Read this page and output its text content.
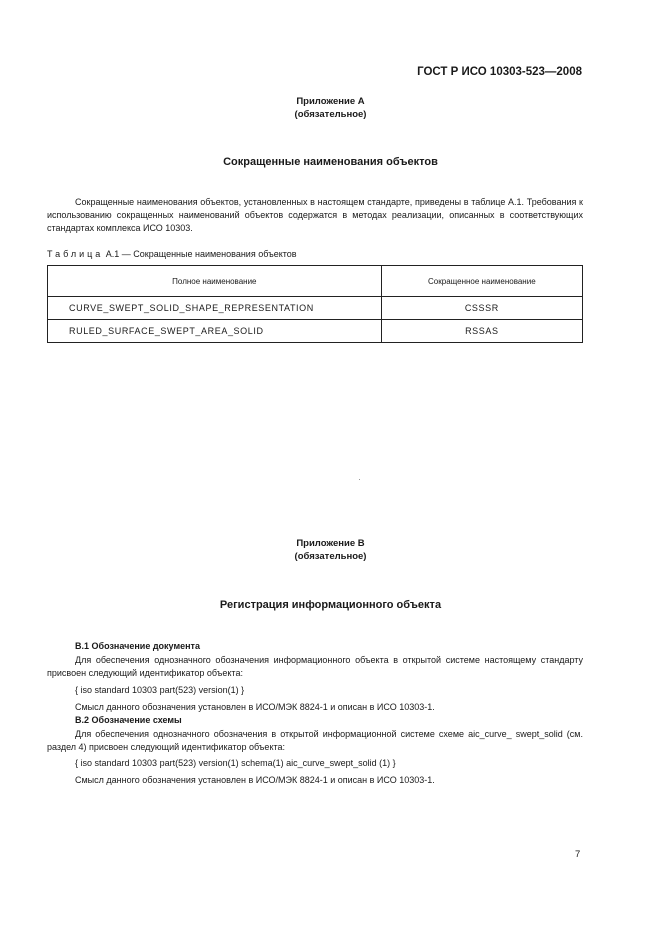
ГОСТ Р ИСО 10303-523—2008
Приложение А
(обязательное)
Сокращенные наименования объектов
Сокращенные наименования объектов, установленных в настоящем стандарте, приведены в таблице А.1. Требования к использованию сокращенных наименований объектов содержатся в методах реализации, описанных в соответствующих стандартах комплекса ИСО 10303.
Таблица А.1 — Сокращенные наименования объектов
Полное наименование	Сокращенное наименование
CURVE_SWEPT_SOLID_SHAPE_REPRESENTATION	CSSSR
RULED_SURFACE_SWEPT_AREA_SOLID	RSSAS
Приложение В
(обязательное)
Регистрация информационного объекта
В.1 Обозначение документа
Для обеспечения однозначного обозначения информационного объекта в открытой системе настоящему стандарту присвоен следующий идентификатор объекта:
{ iso standard 10303 part(523) version(1) }
Смысл данного обозначения установлен в ИСО/МЭК 8824-1 и описан в ИСО 10303-1.
В.2 Обозначение схемы
Для обеспечения однозначного обозначения в открытой информационной системе схеме aic_curve_ swept_solid (см. раздел 4) присвоен следующий идентификатор объекта:
{ iso standard 10303 part(523) version(1) schema(1) aic_curve_swept_solid (1) }
Смысл данного обозначения установлен в ИСО/МЭК 8824-1 и описан в ИСО 10303-1.
7
